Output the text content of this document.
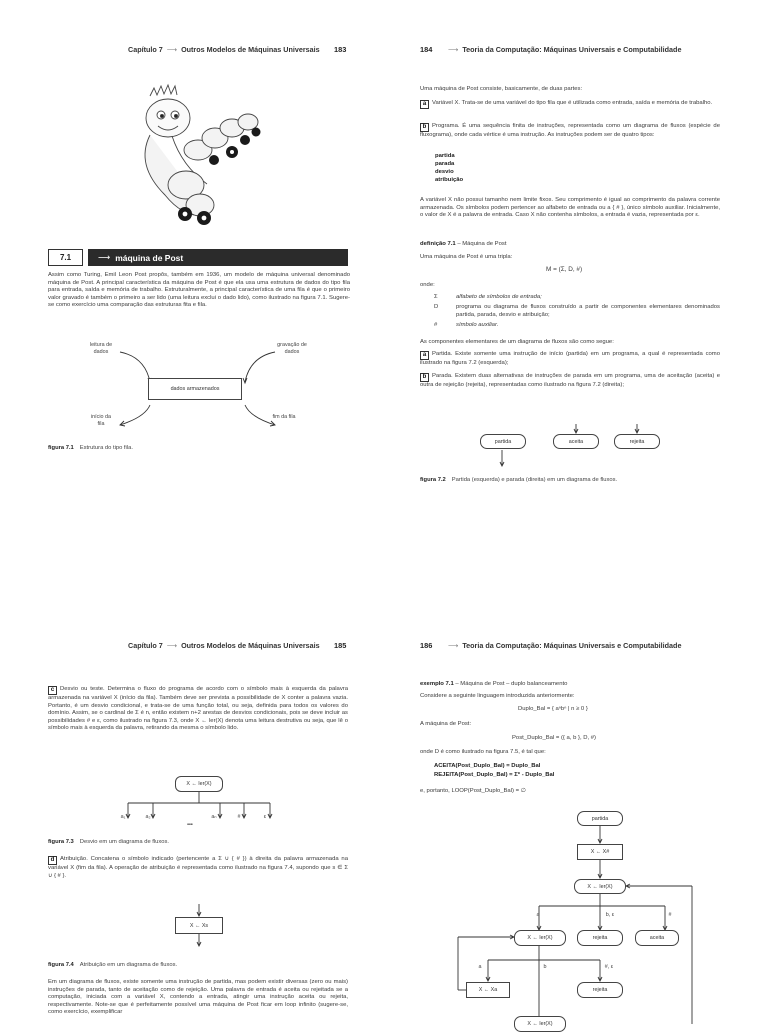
Capítulo 7 ⟶ Outros Modelos de Máquinas Universais 183
7.1	⟶ máquina de Post
Assim como Turing, Emil Leon Post propôs, também em 1936, um modelo de máquina universal denominado máquina de Post. A principal característica da máquina de Post é que ela usa uma estrutura de dados do tipo fila para entrada, saída e memória de trabalho. Estruturalmente, a principal característica de uma fila é que o primeiro valor gravado é também o primeiro a ser lido (uma leitura exclui o dado lido), como ilustrado na figura 7.1. Sugere-se como exercício uma comparação das estruturas fita e fila.
leitura de dados
gravação de dados
dados armazenados
início da fila
fim da fila
figura 7.1 Estrutura do tipo fila.
184	⟶ Teoria da Computação: Máquinas Universais e Computabilidade
Uma máquina de Post consiste, basicamente, de duas partes:
a Variável X. Trata-se de uma variável do tipo fila que é utilizada como entrada, saída e memória de trabalho.
b Programa. É uma sequência finita de instruções, representada como um diagrama de fluxos (espécie de fluxograma), onde cada vértice é uma instrução. As instruções podem ser de quatro tipos:
partida
parada
desvio
atribuição
A variável X não possui tamanho nem limite fixos. Seu comprimento é igual ao comprimento da palavra corrente armazenada. Os símbolos podem pertencer ao alfabeto de entrada ou a { # }, único símbolo auxiliar. Inicialmente, o valor de X é a palavra de entrada. Caso X não contenha símbolos, a entrada é vazia, representada por ε.
definição 7.1 – Máquina de Post
Uma máquina de Post é uma tripla:
M = (Σ, D, #)
onde:
Σ	alfabeto de símbolos de entrada;
D	programa ou diagrama de fluxos construído a partir de componentes elementares denominados partida, parada, desvio e atribuição;
#	símbolo auxiliar.
As componentes elementares de um diagrama de fluxos são como segue:
a Partida. Existe somente uma instrução de início (partida) em um programa, a qual é representada como ilustrado na figura 7.2 (esquerda);
b Parada. Existem duas alternativas de instruções de parada em um programa, uma de aceitação (aceita) e outra de rejeição (rejeita), representadas como ilustrado na figura 7.2 (direita);
partida	aceita	rejeita
figura 7.2 Partida (esquerda) e parada (direita) em um diagrama de fluxos.
Capítulo 7 ⟶ Outros Modelos de Máquinas Universais 185
c Desvio ou teste. Determina o fluxo do programa de acordo com o símbolo mais à esquerda da palavra armazenada na variável X (início da fila). Também deve ser prevista a possibilidade de X conter a palavra vazia. Portanto, é um desvio condicional, e trata-se de uma função total, ou seja, definida para todos os valores do domínio. Assim, se o cardinal de Σ é n, então existem n+2 arestas de desvios condicionais, pois se deve incluir as possibilidades # e ε, como ilustrado na figura 7.3, onde X ← ler(X) denota uma leitura destrutiva ou seja, que lê o símbolo mais à esquerda da palavra, retirando da mesma o símbolo lido.
X ← ler(X)
a₁	a₂
•••
aₙ	#	ε
figura 7.3 Desvio em um diagrama de fluxos.
d Atribuição. Concatena o símbolo indicado (pertencente a Σ ∪ { # }) à direita da palavra armazenada na variável X (fim da fila). A operação de atribuição é representada como ilustrado na figura 7.4, supondo que s ∈ Σ ∪ { # }.
X ← Xs
figura 7.4 Atribuição em um diagrama de fluxos.
Em um diagrama de fluxos, existe somente uma instrução de partida, mas podem existir diversas (zero ou mais) instruções de parada, tanto de aceitação como de rejeição. Uma palavra de entrada é aceita ou rejeitada se a computação, iniciada com a variável X, contendo a entrada, atingir uma instrução aceita ou rejeita, respectivamente. Note-se que é perfeitamente possível uma máquina de Post ficar em loop infinito (sugere-se, como exercício, exemplificar
186	⟶ Teoria da Computação: Máquinas Universais e Computabilidade
exemplo 7.1 – Máquina de Post – duplo balanceamento
Considere a seguinte linguagem introduzida anteriormente:
Duplo_Bal = { aⁿbⁿ | n ≥ 0 }
A máquina de Post:
Post_Duplo_Bal = ({ a, b }, D, #)
onde D é como ilustrado na figura 7.5, é tal que:
ACEITA(Post_Duplo_Bal) = Duplo_Bal
REJEITA(Post_Duplo_Bal) = Σ* - Duplo_Bal
e, portanto, LOOP(Post_Duplo_Bal) = ∅
partida
X ← X#
X ← ler(X)
a	b, ε	#
X ← ler(X)	rejeita	aceita
a	b	#, ε
X ← Xa	rejeita
X ← ler(X)
